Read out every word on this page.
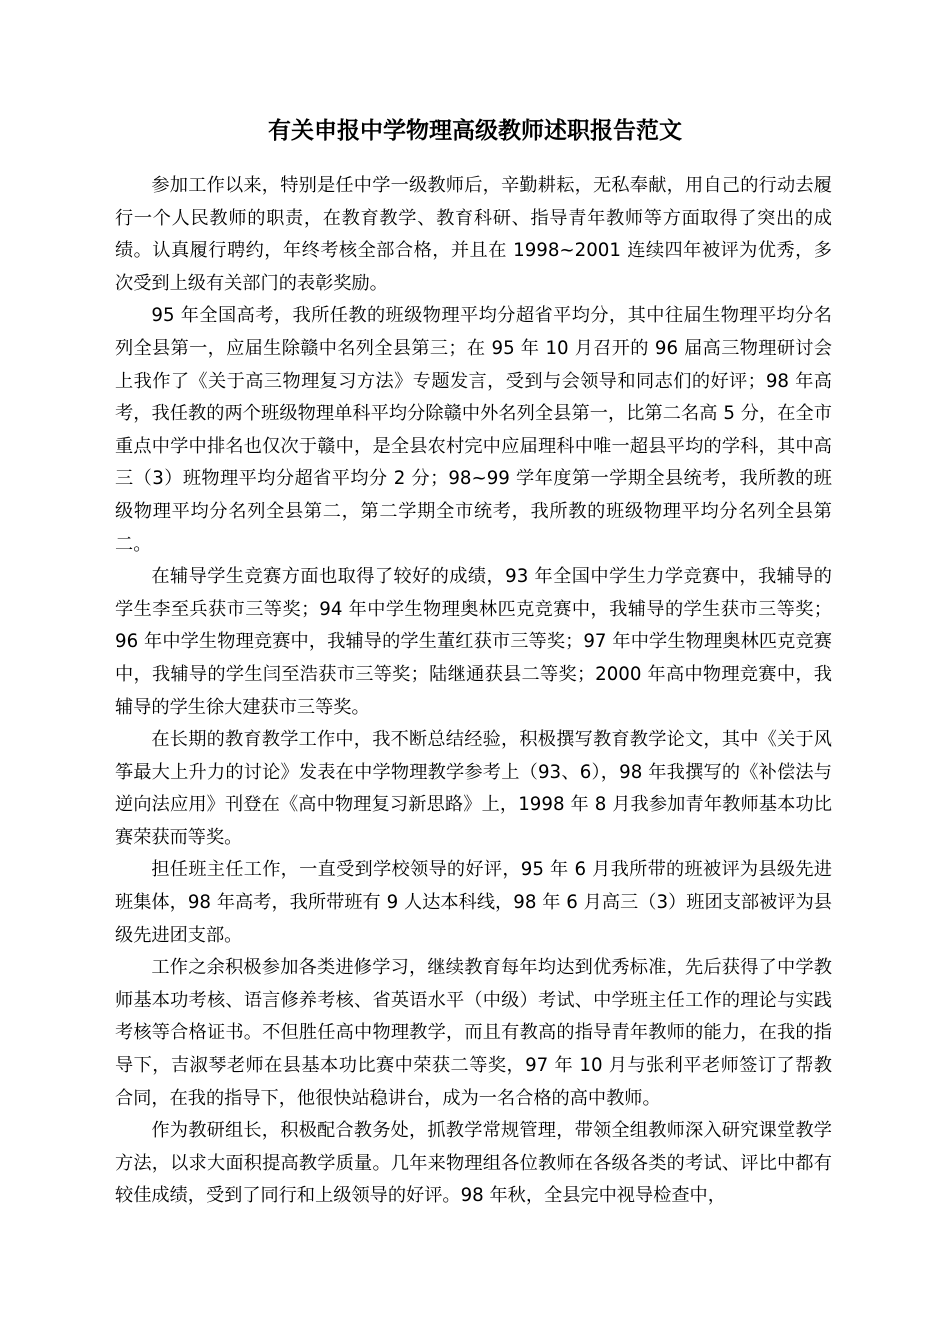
有关申报中学物理高级教师述职报告范文

参加工作以来，特别是任中学一级教师后，辛勤耕耘，无私奉献，用自己的行动去履行一个人民教师的职责，在教育教学、教育科研、指导青年教师等方面取得了突出的成绩。认真履行聘约，年终考核全部合格，并且在 1998~2001 连续四年被评为优秀，多次受到上级有关部门的表彰奖励。

95 年全国高考，我所任教的班级物理平均分超省平均分，其中往届生物理平均分名列全县第一，应届生除赣中名列全县第三；在 95 年 10 月召开的 96 届高三物理研讨会上我作了《关于高三物理复习方法》专题发言，受到与会领导和同志们的好评；98 年高考，我任教的两个班级物理单科平均分除赣中外名列全县第一，比第二名高 5 分，在全市重点中学中排名也仅次于赣中，是全县农村完中应届理科中唯一超县平均的学科，其中高三（3）班物理平均分超省平均分 2 分；98~99 学年度第一学期全县统考，我所教的班级物理平均分名列全县第二，第二学期全市统考，我所教的班级物理平均分名列全县第二。

在辅导学生竞赛方面也取得了较好的成绩，93 年全国中学生力学竞赛中，我辅导的学生李至兵获市三等奖；94 年中学生物理奥林匹克竞赛中，我辅导的学生获市三等奖；96 年中学生物理竞赛中，我辅导的学生董红获市三等奖；97 年中学生物理奥林匹克竞赛中，我辅导的学生闫至浩获市三等奖；陆继通获县二等奖；2000 年高中物理竞赛中，我辅导的学生徐大建获市三等奖。

在长期的教育教学工作中，我不断总结经验，积极撰写教育教学论文，其中《关于风筝最大上升力的讨论》发表在中学物理教学参考上（93、6），98 年我撰写的《补偿法与逆向法应用》刊登在《高中物理复习新思路》上，1998 年 8 月我参加青年教师基本功比赛荣获而等奖。

担任班主任工作，一直受到学校领导的好评，95 年 6 月我所带的班被评为县级先进班集体，98 年高考，我所带班有 9 人达本科线，98 年 6 月高三（3）班团支部被评为县级先进团支部。

工作之余积极参加各类进修学习，继续教育每年均达到优秀标准，先后获得了中学教师基本功考核、语言修养考核、省英语水平（中级）考试、中学班主任工作的理论与实践考核等合格证书。不但胜任高中物理教学，而且有教高的指导青年教师的能力，在我的指导下，吉淑琴老师在县基本功比赛中荣获二等奖，97 年 10 月与张利平老师签订了帮教合同，在我的指导下，他很快站稳讲台，成为一名合格的高中教师。

作为教研组长，积极配合教务处，抓教学常规管理，带领全组教师深入研究课堂教学方法，以求大面积提高教学质量。几年来物理组各位教师在各级各类的考试、评比中都有较佳成绩，受到了同行和上级领导的好评。98 年秋，全县完中视导检查中，
